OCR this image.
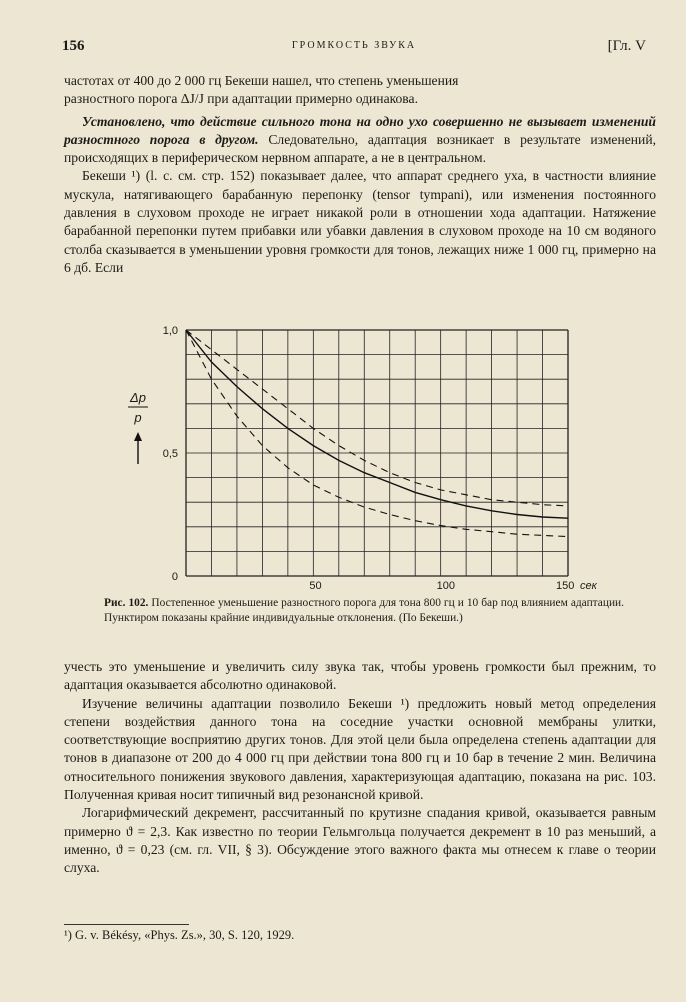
156	ГРОМКОСТЬ ЗВУКА	[Гл. V

частотах от 400 до 2 000 гц Бекеши нашел, что степень уменьшения

разностного порога ΔJ/J при адаптации примерно одинакова.

Установлено, что действие сильного тона на одно ухо совершенно не вызывает изменений разностного порога в другом. Следовательно, адаптация возникает в результате изменений, происходящих в периферическом нервном аппарате, а не в центральном.

Бекеши ¹) (l. c. см. стр. 152) показывает далее, что аппарат среднего уха, в частности влияние мускула, натягивающего барабанную перепонку (tensor tympani), или изменения постоянного давления в слуховом проходе не играет никакой роли в отношении хода адаптации. Натяжение барабанной перепонки путем прибавки или убавки давления в слуховом проходе на 10 см водяного столба сказывается в уменьшении уровня громкости для тонов, лежащих ниже 1 000 гц, примерно на 6 дб. Если

50	100	150 сек
0
0,5
1,0
Δp
p
Рис. 102. Постепенное уменьшение разностного порога для тона 800 гц и 10 бар под влиянием адаптации. Пунктиром показаны крайние индивидуальные отклонения. (По Бекеши.)

учесть это уменьшение и увеличить силу звука так, чтобы уровень громкости был прежним, то адаптация оказывается абсолютно одинаковой.

Изучение величины адаптации позволило Бекеши ¹) предложить новый метод определения степени воздействия данного тона на соседние участки основной мембраны улитки, соответствующие восприятию других тонов. Для этой цели была определена степень адаптации для тонов в диапазоне от 200 до 4 000 гц при действии тона 800 гц и 10 бар в течение 2 мин. Величина относительного понижения звукового давления, характеризующая адаптацию, показана на рис. 103. Полученная кривая носит типичный вид резонансной кривой.

Логарифмический декремент, рассчитанный по крутизне спадания кривой, оказывается равным примерно ϑ = 2,3. Как известно по теории Гельмгольца получается декремент в 10 раз меньший, а именно, ϑ = 0,23 (см. гл. VII, § 3). Обсуждение этого важного факта мы отнесем к главе о теории слуха.

¹) G. v. Békésy, «Phys. Zs.», 30, S. 120, 1929.
